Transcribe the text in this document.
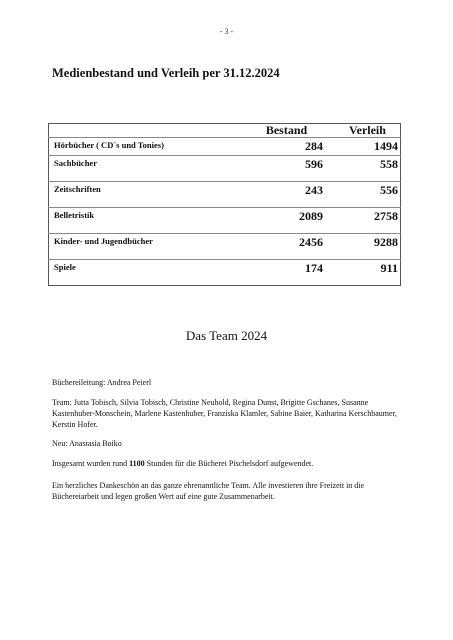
- 3 -
Medienbestand und Verleih per 31.12.2024
	Bestand	Verleih
Hörbücher ( CD`s und Tonies)	284	1494
Sachbücher	596	558
Zeitschriften	243	556
Belletristik	2089	2758
Kinder- und Jugendbücher	2456	9288
Spiele	174	911
Das Team 2024

Büchereileitung: Andrea Peierl

Team: Jutta Tobisch, Silvia Tobisch, Christine Neuhold, Regina Dunst, Brigitte Gschanes, Susanne Kastenhuber-Monschein, Marlene Kastenhuber, Franziska Klamler, Sabine Baier, Katharina Kerschbaumer, Kerstin Hofer.

Neu: Anastasia Boiko

Insgesamt wurden rund 1100 Stunden für die Bücherei Pischelsdorf aufgewendet.

Ein herzliches Dankeschön an das ganze ehrenamtliche Team. Alle investieren ihre Freizeit in die Büchereiarbeit und legen großen Wert auf eine gute Zusammenarbeit.
